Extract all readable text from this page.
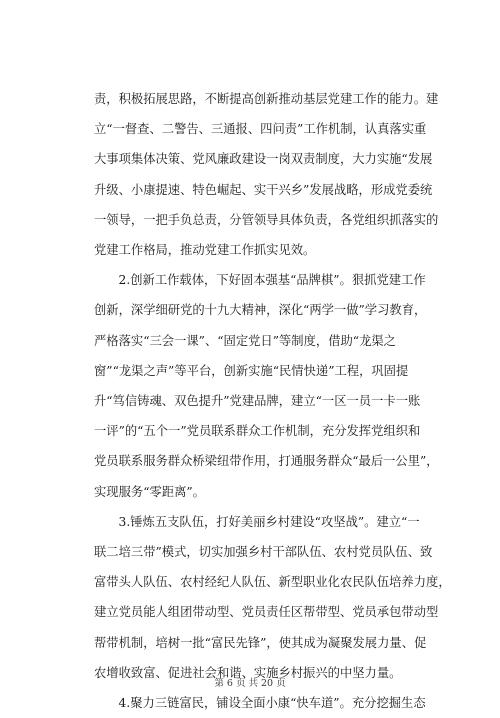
责，积极拓展思路，不断提高创新推动基层党建工作的能力。建
立“一督查、二警告、三通报、四问责”工作机制，认真落实重
大事项集体决策、党风廉政建设一岗双责制度，大力实施“发展
升级、小康提速、特色崛起、实干兴乡”发展战略，形成党委统
一领导，一把手负总责，分管领导具体负责，各党组织抓落实的
党建工作格局，推动党建工作抓实见效。

2.创新工作载体，下好固本强基“品牌棋”。狠抓党建工作
创新，深学细研党的十九大精神，深化“两学一做”学习教育，
严格落实“三会一课”、“固定党日”等制度，借助“龙渠之
窗”“龙渠之声”等平台，创新实施“民情快递”工程，巩固提
升“笃信铸魂、双色提升”党建品牌，建立“一区一员一卡一账
一评”的“五个一”党员联系群众工作机制，充分发挥党组织和
党员联系服务群众桥梁纽带作用，打通服务群众“最后一公里”，
实现服务“零距离”。

3.锤炼五支队伍，打好美丽乡村建设“攻坚战”。建立“一
联二培三带”模式，切实加强乡村干部队伍、农村党员队伍、致
富带头人队伍、农村经纪人队伍、新型职业化农民队伍培养力度，
建立党员能人组团带动型、党员责任区帮带型、党员承包带动型
帮带机制，培树一批“富民先锋”，使其成为凝聚发展力量、促
农增收致富、促进社会和谐、实施乡村振兴的中坚力量。

4.聚力三链富民，铺设全面小康“快车道”。充分挖掘生态

第 6 页 共 20 页
